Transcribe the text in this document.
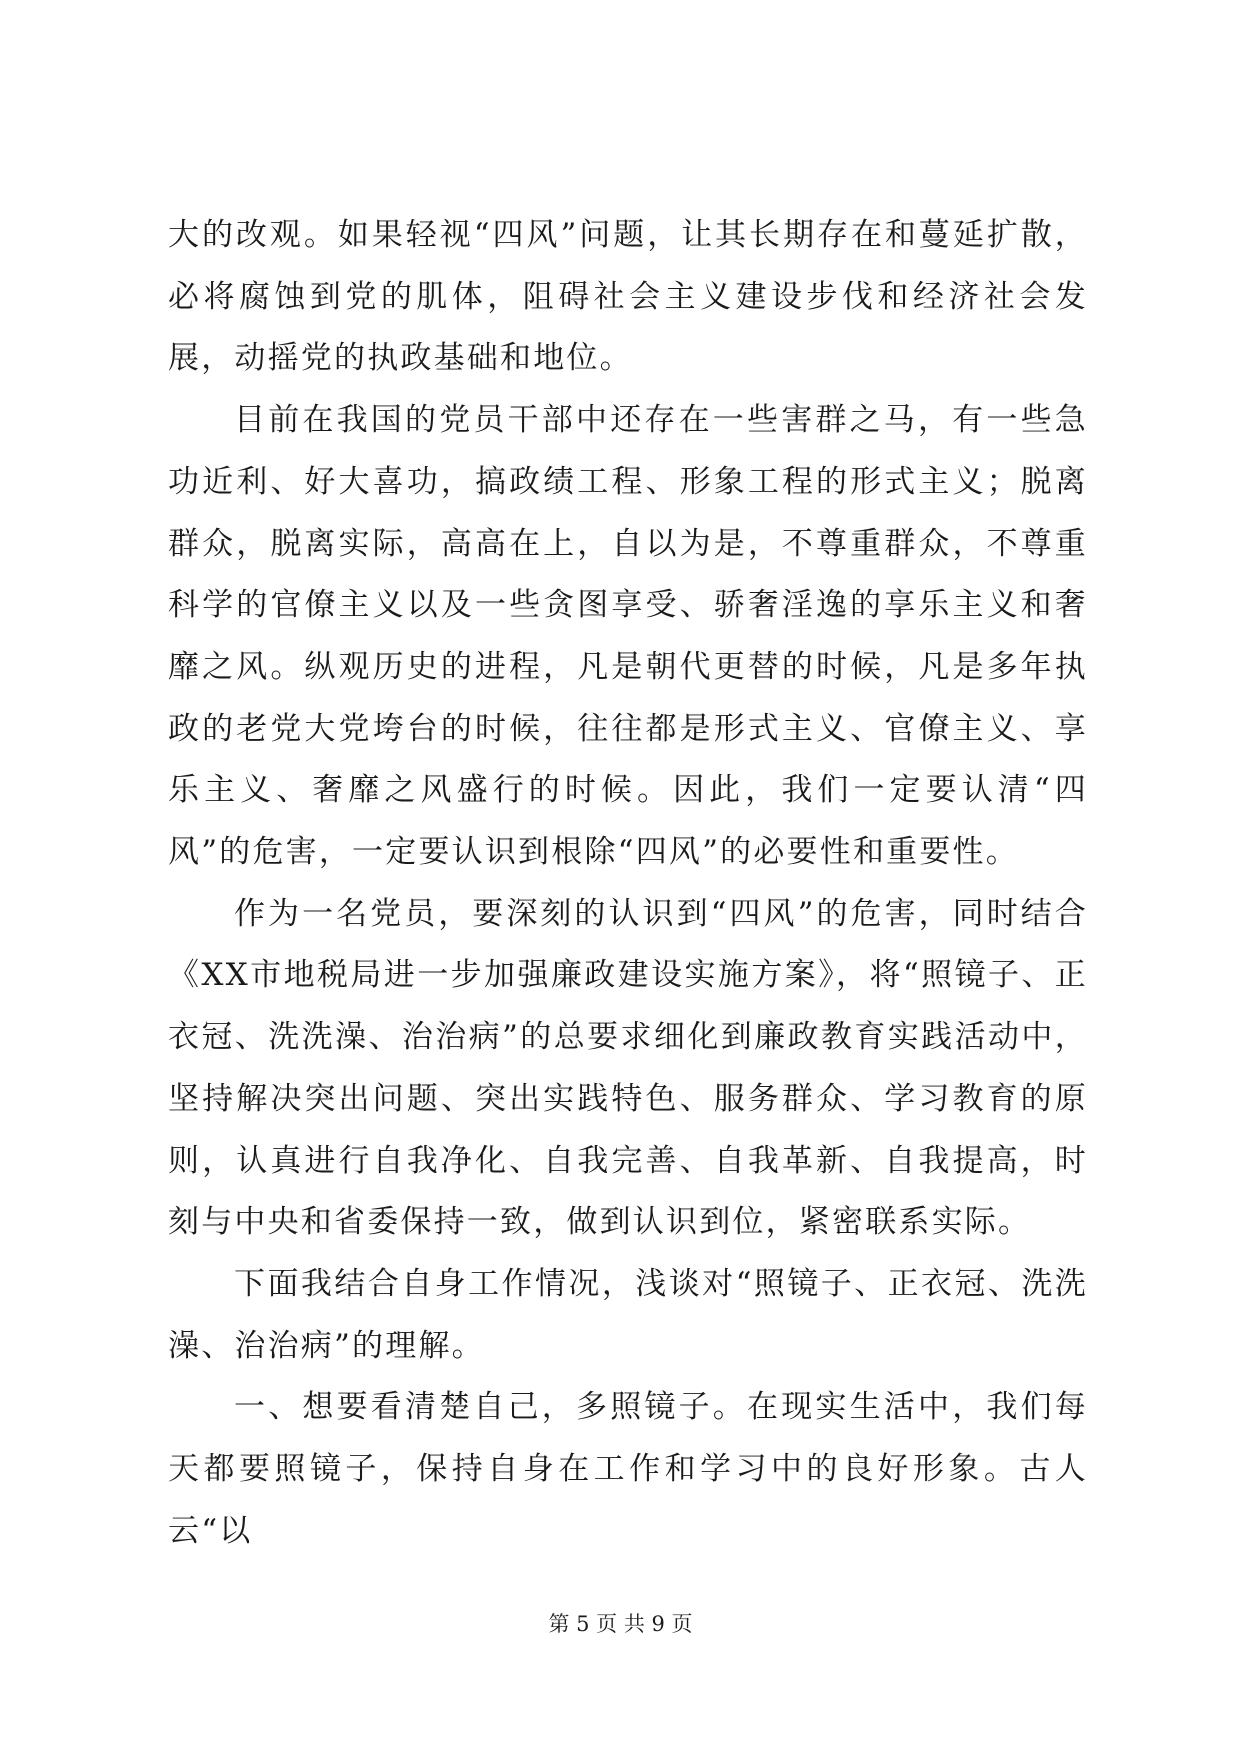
大的改观。如果轻视“四风”问题，让其长期存在和蔓延扩散，必将腐蚀到党的肌体，阻碍社会主义建设步伐和经济社会发展，动摇党的执政基础和地位。

目前在我国的党员干部中还存在一些害群之马，有一些急功近利、好大喜功，搞政绩工程、形象工程的形式主义；脱离群众，脱离实际，高高在上，自以为是，不尊重群众，不尊重科学的官僚主义以及一些贪图享受、骄奢淫逸的享乐主义和奢靡之风。纵观历史的进程，凡是朝代更替的时候，凡是多年执政的老党大党垮台的时候，往往都是形式主义、官僚主义、享乐主义、奢靡之风盛行的时候。因此，我们一定要认清“四风”的危害，一定要认识到根除“四风”的必要性和重要性。

作为一名党员，要深刻的认识到“四风”的危害，同时结合《XX市地税局进一步加强廉政建设实施方案》，将“照镜子、正衣冠、洗洗澡、治治病”的总要求细化到廉政教育实践活动中，坚持解决突出问题、突出实践特色、服务群众、学习教育的原则，认真进行自我净化、自我完善、自我革新、自我提高，时刻与中央和省委保持一致，做到认识到位，紧密联系实际。

下面我结合自身工作情况，浅谈对“照镜子、正衣冠、洗洗澡、治治病”的理解。

一、想要看清楚自己，多照镜子。在现实生活中，我们每天都要照镜子，保持自身在工作和学习中的良好形象。古人云“以

第 5 页 共 9 页
